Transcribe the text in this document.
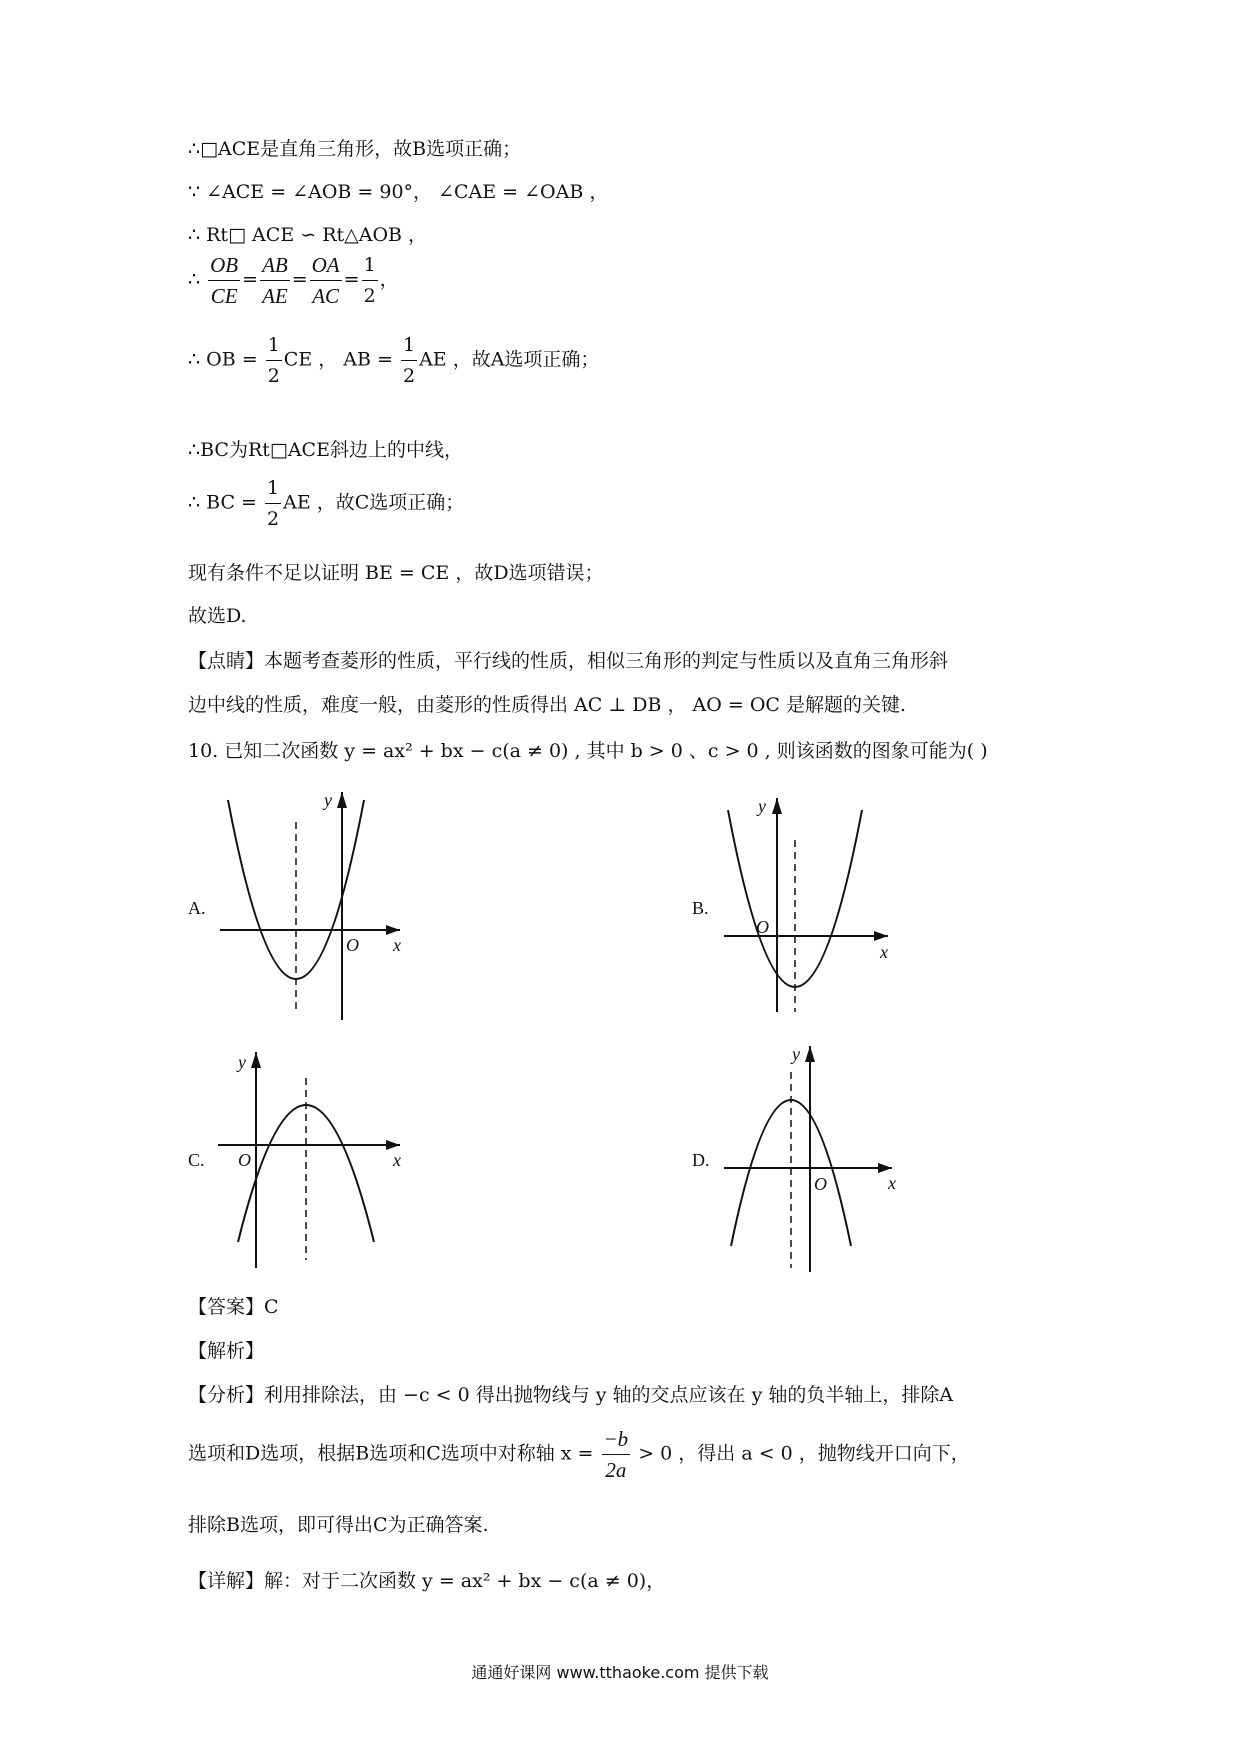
∴□ACE是直角三角形，故B选项正确；
∵ ∠ACE = ∠AOB = 90°， ∠CAE = ∠OAB ，
∴ Rt□ ACE ∽ Rt△AOB ，
∴ $\frac{OB}{CE} = \frac{AB}{AE} = \frac{OA}{AC} = \frac{1}{2}$ ，
∴ OB = $\frac{1}{2}$ CE ， AB = $\frac{1}{2}$ AE ，故A选项正确；
∴BC为Rt□ACE斜边上的中线，
∴ BC = $\frac{1}{2}$ AE ，故C选项正确；
现有条件不足以证明 BE = CE ，故D选项错误；
故选D.
【点睛】本题考查菱形的性质，平行线的性质，相似三角形的判定与性质以及直角三角形斜
边中线的性质，难度一般，由菱形的性质得出 AC ⊥ DB ， AO = OC 是解题的关键.
10. 已知二次函数 y = ax² + bx − c(a ≠ 0) , 其中 b > 0 、c > 0 , 则该函数的图象可能为( )
A.	B.
C.	D.
x
y
O	x
y
O
x
y
O
x
y
O
【答案】C
【解析】
【分析】利用排除法，由 −c < 0 得出抛物线与 y 轴的交点应该在 y 轴的负半轴上，排除A
选项和D选项，根据B选项和C选项中对称轴 $x = \frac{-b}{2a} > 0$ ，得出 a < 0 ，抛物线开口向下，
排除B选项，即可得出C为正确答案.
【详解】解：对于二次函数 y = ax² + bx − c(a ≠ 0)，
通通好课网 www.tthaoke.com 提供下载
